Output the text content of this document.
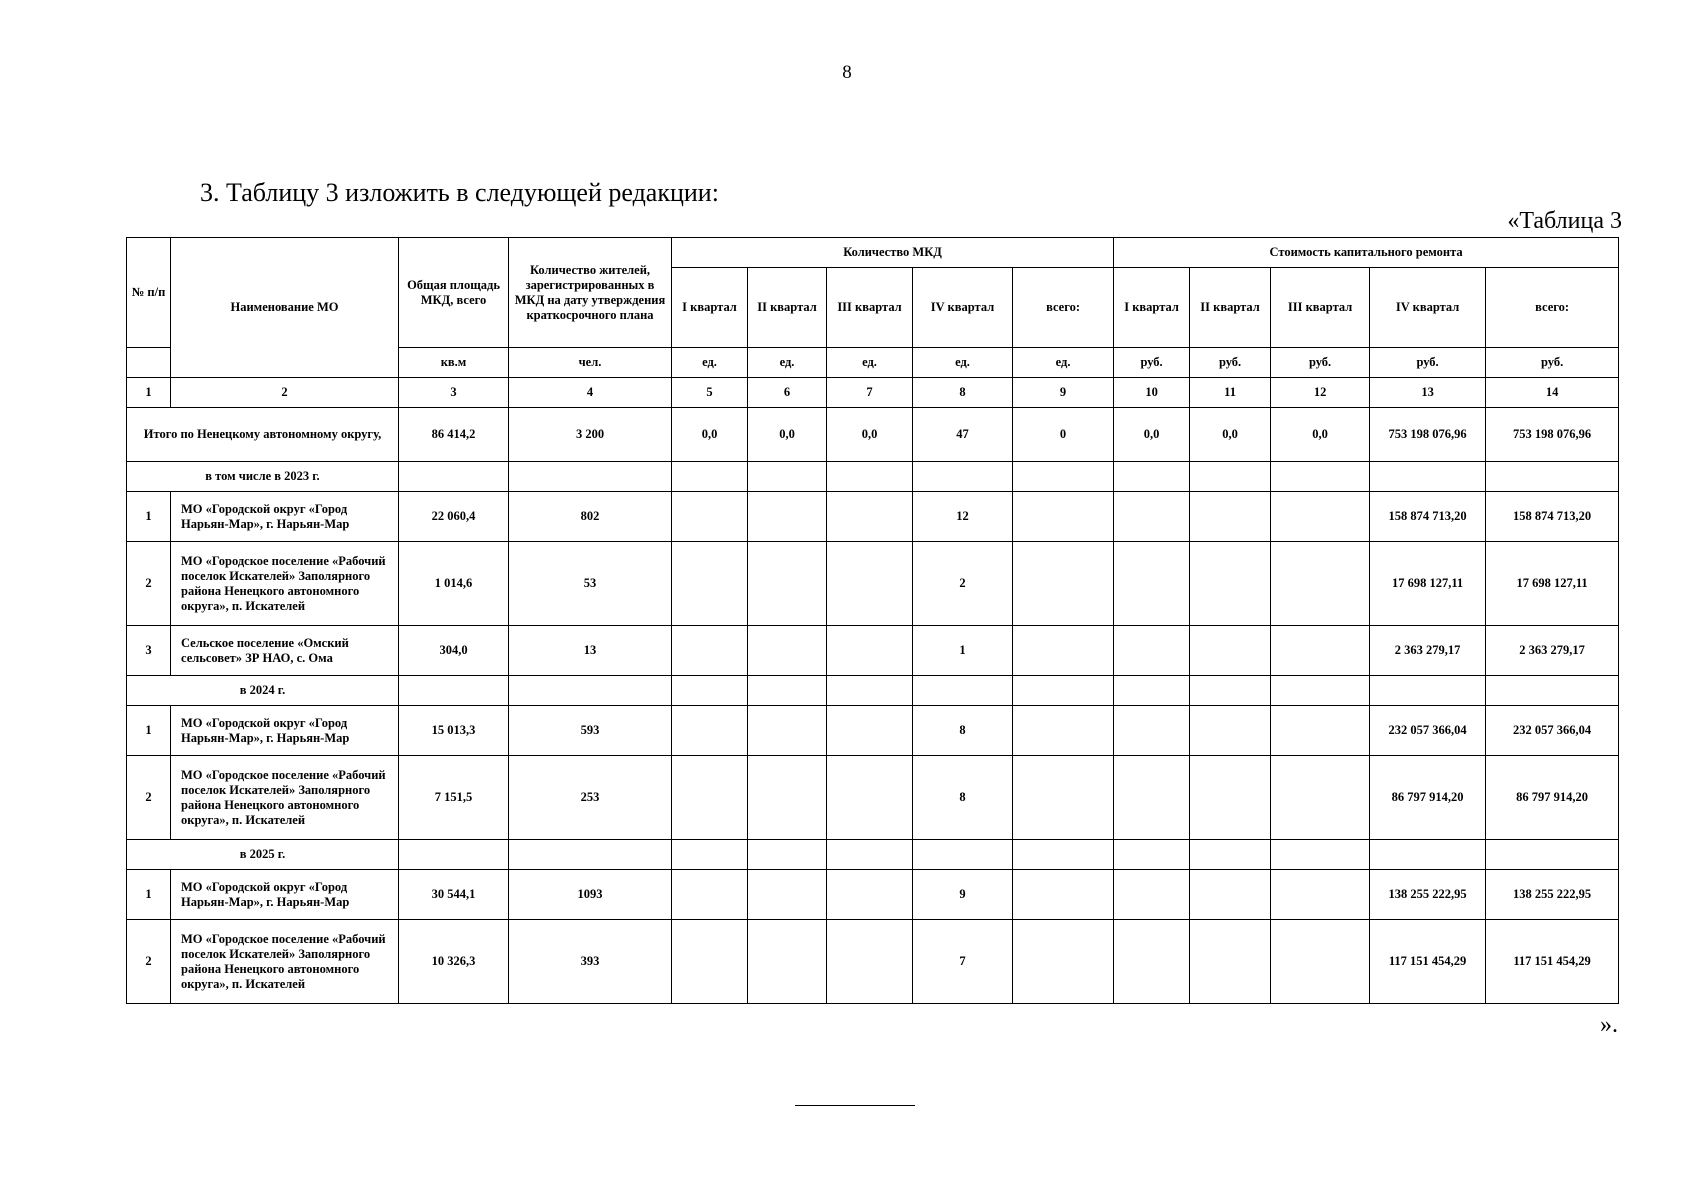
8
3. Таблицу 3 изложить в следующей редакции:
«Таблица 3
№ п/п	Наименование МО	Общая площадь МКД, всего	Количество жителей, зарегистрированных в МКД на дату утверждения краткосрочного плана	Количество МКД					Стоимость капитального ремонта				
				I квартал	II квартал	III квартал	IV квартал	всего:	I квартал	II квартал	III квартал	IV квартал	всего:
		кв.м	чел.	ед.	ед.	ед.	ед.	ед.	руб.	руб.	руб.	руб.	руб.
1	2	3	4	5	6	7	8	9	10	11	12	13	14
Итого по Ненецкому автономному округу,		86 414,2	3 200	0,0	0,0	0,0	47	0	0,0	0,0	0,0	753 198 076,96	753 198 076,96
в том числе в 2023 г.													
1	МО «Городской округ «Город Нарьян-Мар», г. Нарьян-Мар	22 060,4	802				12					158 874 713,20	158 874 713,20
2	МО «Городское поселение «Рабочий поселок Искателей» Заполярного района Ненецкого автономного округа», п. Искателей	1 014,6	53				2					17 698 127,11	17 698 127,11
3	Сельское поселение «Омский сельсовет» ЗР НАО, с. Ома	304,0	13				1					2 363 279,17	2 363 279,17
в 2024 г.													
1	МО «Городской округ «Город Нарьян-Мар», г. Нарьян-Мар	15 013,3	593				8					232 057 366,04	232 057 366,04
2	МО «Городское поселение «Рабочий поселок Искателей» Заполярного района Ненецкого автономного округа», п. Искателей	7 151,5	253				8					86 797 914,20	86 797 914,20
в 2025 г.													
1	МО «Городской округ «Город Нарьян-Мар», г. Нарьян-Мар	30 544,1	1093				9					138 255 222,95	138 255 222,95
2	МО «Городское поселение «Рабочий поселок Искателей» Заполярного района Ненецкого автономного округа», п. Искателей	10 326,3	393				7					117 151 454,29	117 151 454,29
».
